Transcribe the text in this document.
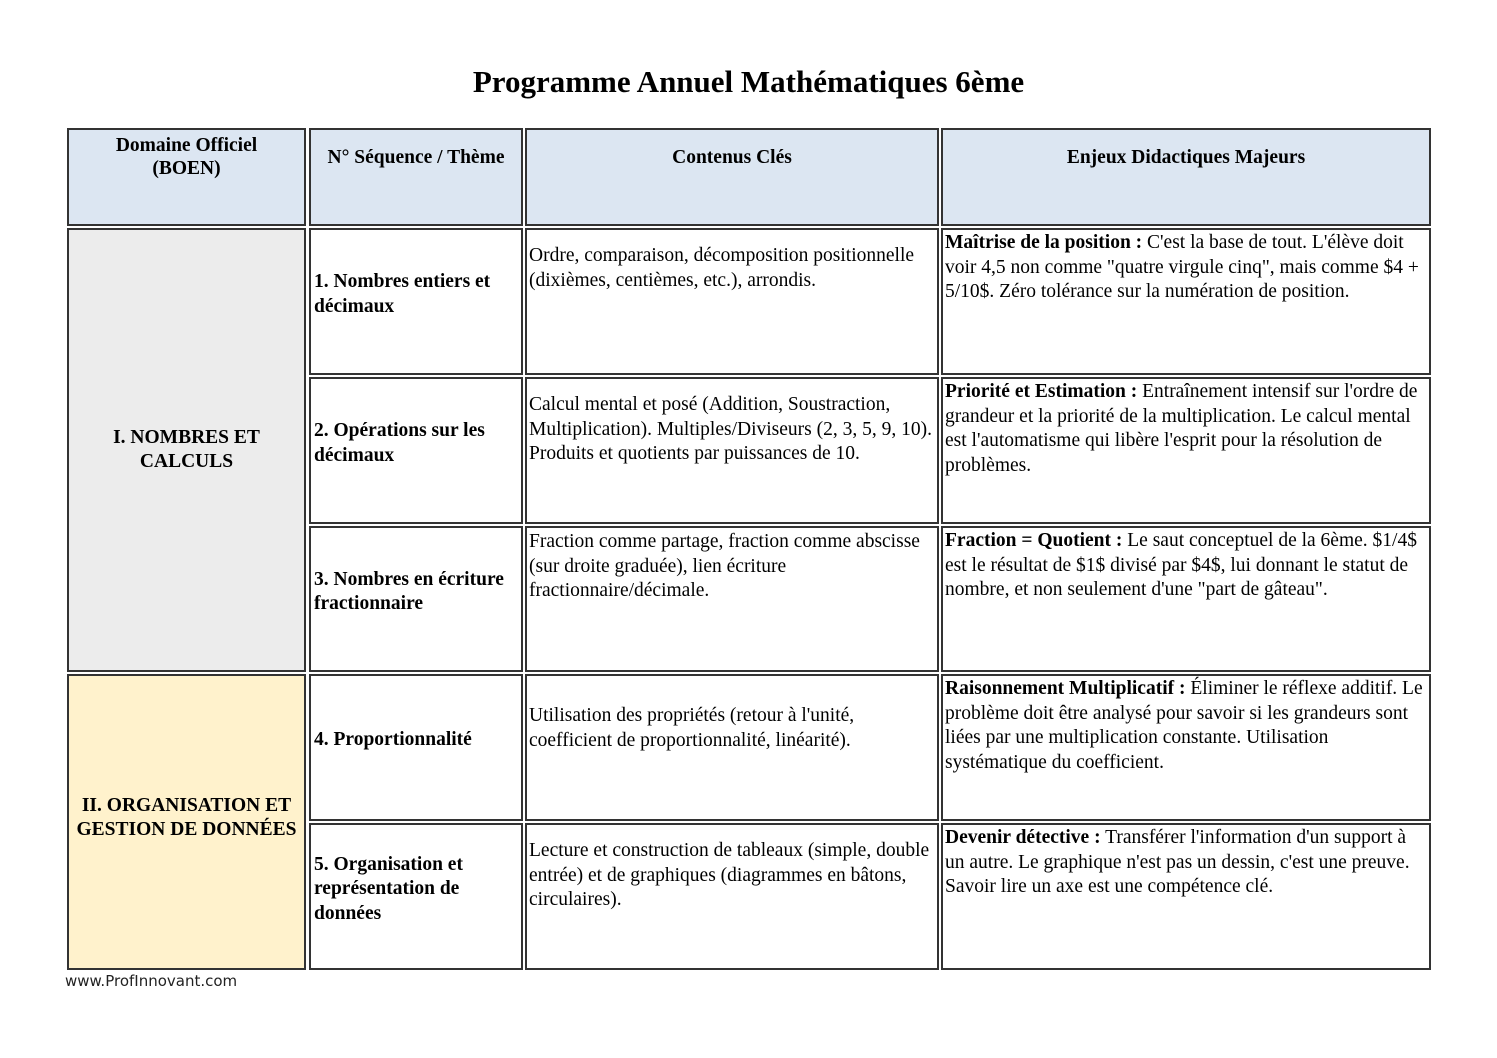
Programme Annuel Mathématiques 6ème
Domaine Officiel (BOEN)
N° Séquence / Thème	Contenus Clés	Enjeux Didactiques Majeurs
I. NOMBRES ET CALCULS
II. ORGANISATION ET GESTION DE DONNÉES
1. Nombres entiers et décimaux
Ordre, comparaison, décomposition positionnelle (dixièmes, centièmes, etc.), arrondis.
Maîtrise de la position : C'est la base de tout. L'élève doit voir 4,5 non comme "quatre virgule cinq", mais comme $4 + 5/10$. Zéro tolérance sur la numération de position.
2. Opérations sur les décimaux
Calcul mental et posé (Addition, Soustraction, Multiplication). Multiples/Diviseurs (2, 3, 5, 9, 10). Produits et quotients par puissances de 10.
Priorité et Estimation : Entraînement intensif sur l'ordre de grandeur et la priorité de la multiplication. Le calcul mental est l'automatisme qui libère l'esprit pour la résolution de problèmes.
3. Nombres en écriture fractionnaire
Fraction comme partage, fraction comme abscisse (sur droite graduée), lien écriture fractionnaire/décimale.
Fraction = Quotient : Le saut conceptuel de la 6ème. $1/4$ est le résultat de $1$ divisé par $4$, lui donnant le statut de nombre, et non seulement d'une "part de gâteau".
4. Proportionnalité
Utilisation des propriétés (retour à l'unité, coefficient de proportionnalité, linéarité).
Raisonnement Multiplicatif : Éliminer le réflexe additif. Le problème doit être analysé pour savoir si les grandeurs sont liées par une multiplication constante. Utilisation systématique du coefficient.
5. Organisation et représentation de données
Lecture et construction de tableaux (simple, double entrée) et de graphiques (diagrammes en bâtons, circulaires).
Devenir détective : Transférer l'information d'un support à un autre. Le graphique n'est pas un dessin, c'est une preuve. Savoir lire un axe est une compétence clé.
www.ProfInnovant.com
